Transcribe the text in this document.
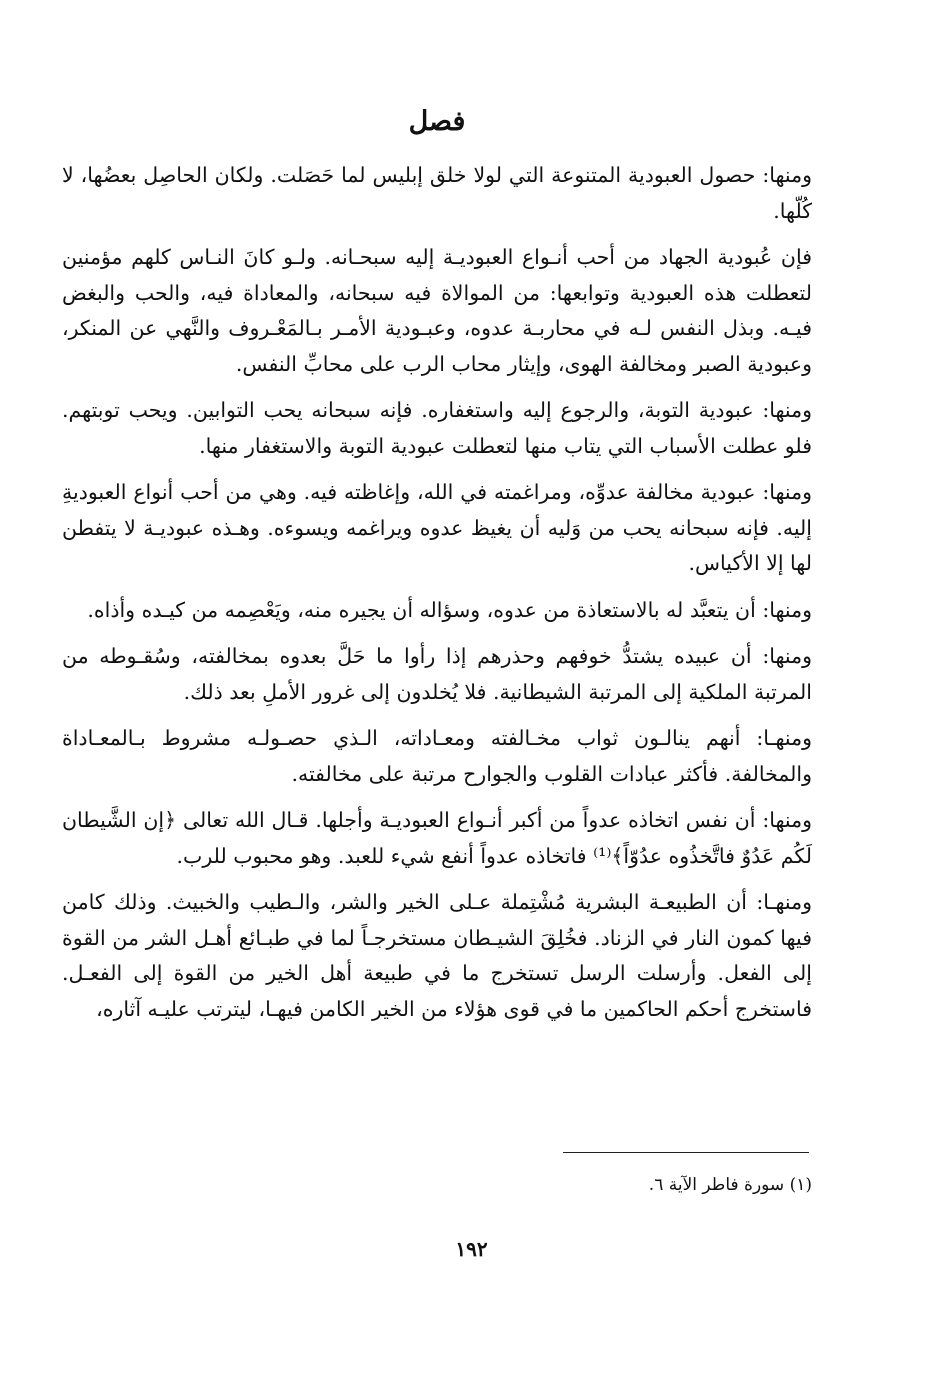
فصل

ومنها: حصول العبودية المتنوعة التي لولا خلق إبليس لما حَصَلت. ولكان الحاصِل بعضُها، لا كُلّها.

فإن عُبودية الجهاد من أحب أنـواع العبوديـة إليه سبحـانه. ولـو كانَ النـاس كلهم مؤمنين لتعطلت هذه العبودية وتوابعها: من الموالاة فيه سبحانه، والمعاداة فيه، والحب والبغض فيـه. وبذل النفس لـه في محاربـة عدوه، وعبـودية الأمـر بـالمَعْـروف والنَّهي عن المنكر، وعبودية الصبر ومخالفة الهوى، وإيثار محاب الرب على محابِّ النفس.

ومنها: عبودية التوبة، والرجوع إليه واستغفاره. فإنه سبحانه يحب التوابين. ويحب توبتهم. فلو عطلت الأسباب التي يتاب منها لتعطلت عبودية التوبة والاستغفار منها.

ومنها: عبودية مخالفة عدوِّه، ومراغمته في الله، وإغاظته فيه. وهي من أحب أنواع العبوديةِ إليه. فإنه سبحانه يحب من وَليه أن يغيظ عدوه ويراغمه ويسوءه. وهـذه عبوديـة لا يتفطن لها إلا الأكياس.

ومنها: أن يتعبَّد له بالاستعاذة من عدوه، وسؤاله أن يجيره منه، ويَعْصِمه من كيـده وأذاه.

ومنها: أن عبيده يشتدُّ خوفهم وحذرهم إذا رأوا ما حَلَّ بعدوه بمخالفته، وسُقـوطه من المرتبة الملكية إلى المرتبة الشيطانية. فلا يُخلدون إلى غرور الأملِ بعد ذلك.

ومنهـا: أنهم ينالـون ثواب مخـالفته ومعـاداته، الـذي حصـولـه مشروط بـالمعـاداة والمخالفة. فأكثر عبادات القلوب والجوارح مرتبة على مخالفته.

ومنها: أن نفس اتخاذه عدواً من أكبر أنـواع العبوديـة وأجلها. قـال الله تعالى ﴿إن الشَّيطان لَكُم عَدُوٌ فاتَّخذُوه عدُوّاً﴾⁽¹⁾ فاتخاذه عدواً أنفع شيء للعبد. وهو محبوب للرب.

ومنهـا: أن الطبيعـة البشرية مُشْتِملة عـلى الخير والشر، والـطيب والخبيث. وذلك كامن فيها كمون النار في الزناد. فخُلِقَ الشيـطان مستخرجـاً لما في طبـائع أهـل الشر من القوة إلى الفعل. وأرسلت الرسل تستخرج ما في طبيعة أهل الخير من القوة إلى الفعـل. فاستخرج أحكم الحاكمين ما في قوى هؤلاء من الخير الكامن فيهـا، ليترتب عليـه آثاره،

(١) سورة فاطر الآية ٦.
١٩٢
